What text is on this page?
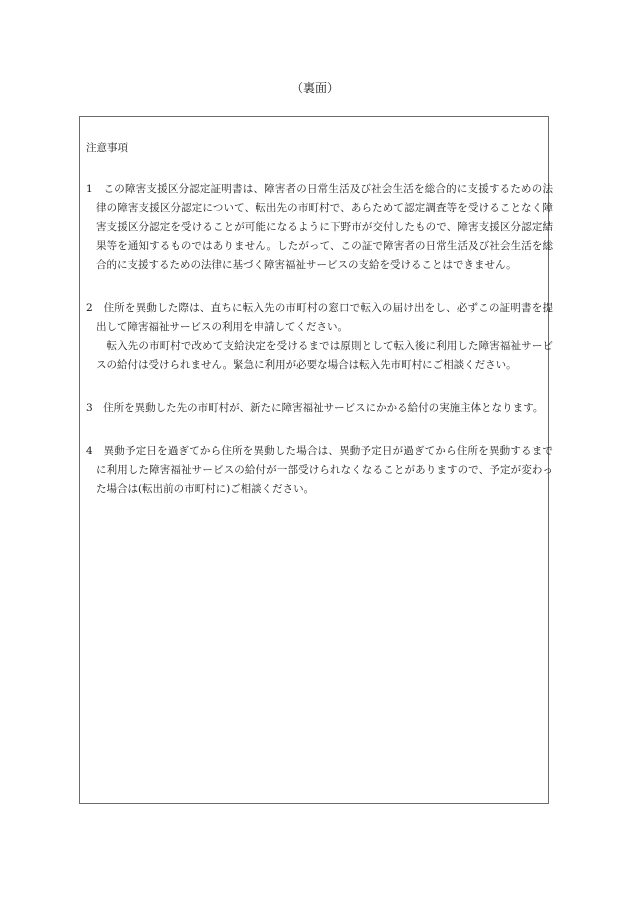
（裏面）
注意事項

1　この障害支援区分認定証明書は、障害者の日常生活及び社会生活を総合的に支援するための法律の障害支援区分認定について、転出先の市町村で、あらためて認定調査等を受けることなく障害支援区分認定を受けることが可能になるように下野市が交付したもので、障害支援区分認定結果等を通知するものではありません。したがって、この証で障害者の日常生活及び社会生活を総合的に支援するための法律に基づく障害福祉サービスの支給を受けることはできません。

2　住所を異動した際は、直ちに転入先の市町村の窓口で転入の届け出をし、必ずこの証明書を提出して障害福祉サービスの利用を申請してください。

転入先の市町村で改めて支給決定を受けるまでは原則として転入後に利用した障害福祉サービスの給付は受けられません。緊急に利用が必要な場合は転入先市町村にご相談ください。

3　住所を異動した先の市町村が、新たに障害福祉サービスにかかる給付の実施主体となります。

4　異動予定日を過ぎてから住所を異動した場合は、異動予定日が過ぎてから住所を異動するまでに利用した障害福祉サービスの給付が一部受けられなくなることがありますので、予定が変わった場合は(転出前の市町村に)ご相談ください。
